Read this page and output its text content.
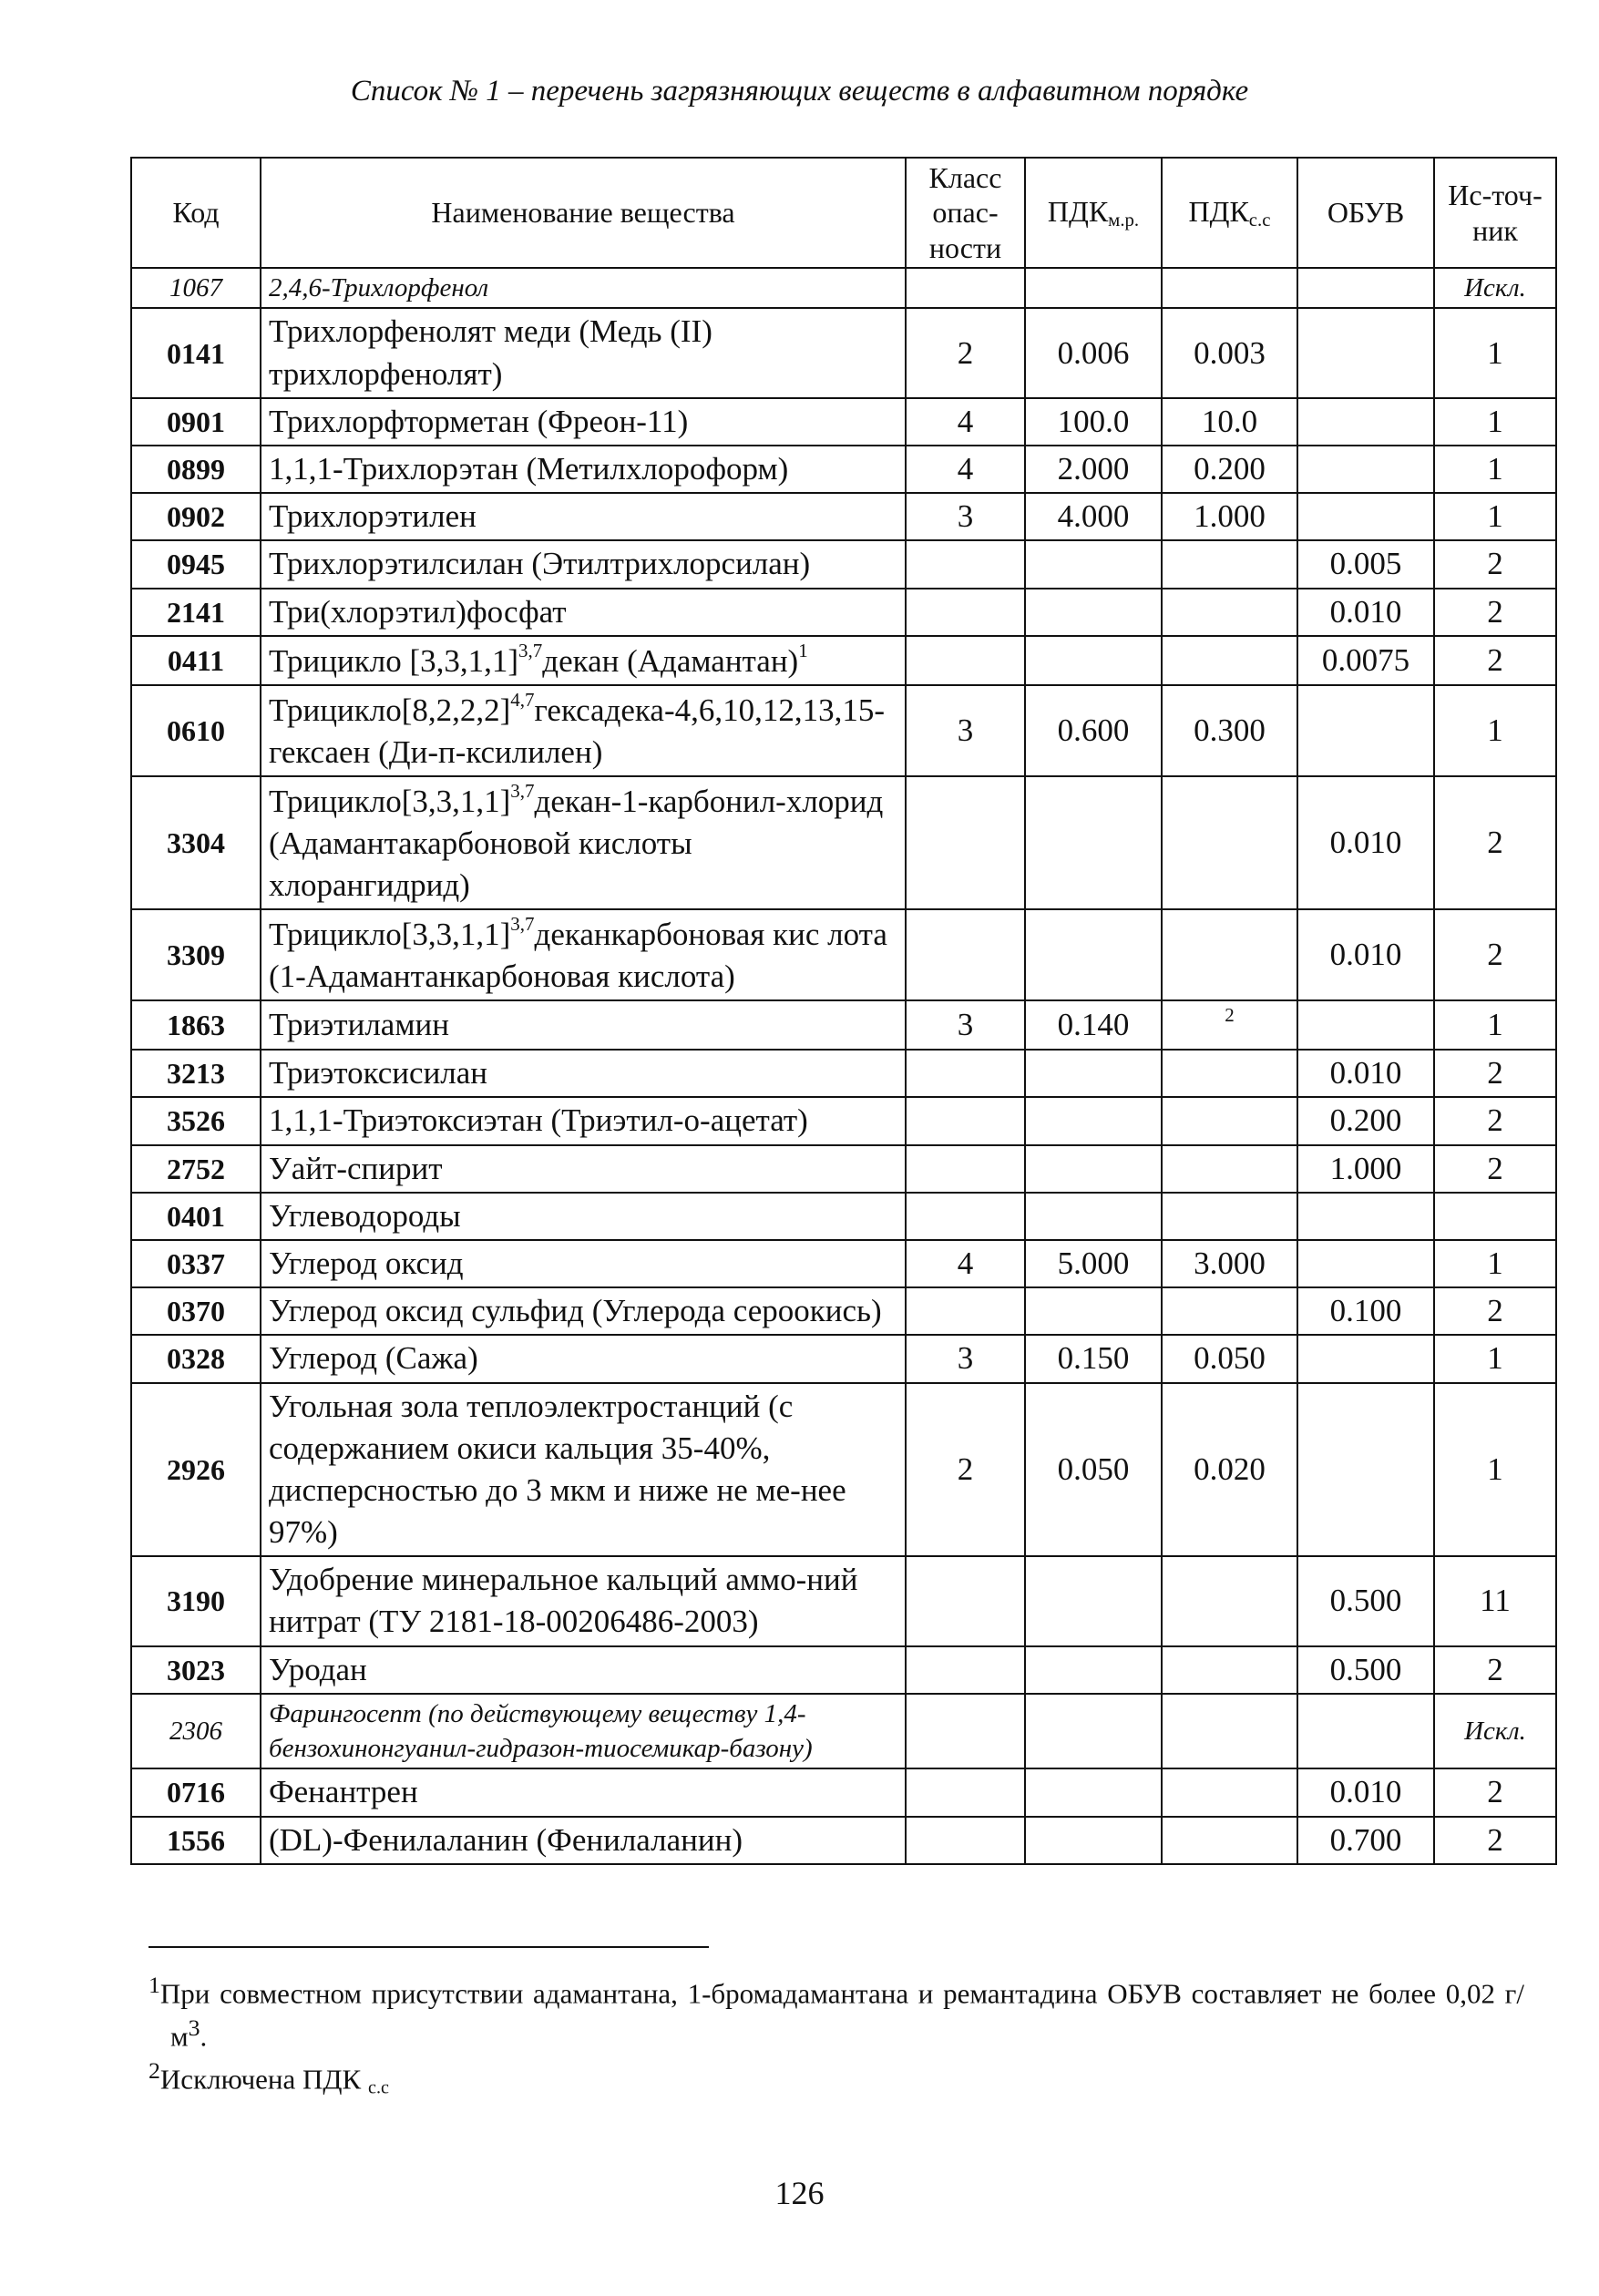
Список № 1 – перечень загрязняющих веществ в алфавитном порядке
Код	Наименование вещества	Класс опас-ности	$ПДК_{м.р.}$	$ПДК_{с.с}$	ОБУВ	Ис-точ-ник
1067	2,4,6-Трихлорфенол					Искл.
0141	Трихлорфенолят меди (Медь (II) трихлорфенолят)	2	0.006	0.003		1
0901	Трихлорфторметан (Фреон-11)	4	100.0	10.0		1
0899	1,1,1-Трихлорэтан (Метилхлороформ)	4	2.000	0.200		1
0902	Трихлорэтилен	3	4.000	1.000		1
0945	Трихлорэтилсилан (Этилтрихлорсилан)				0.005	2
2141	Три(хлорэтил)фосфат				0.010	2
0411	Трицикло $[3,3,1,1]^{3,7}декан$ (Адамантан)$^1$				0.0075	2
0610	$Трицикло[8,2,2,2]^{4,7}гексадека-4,6,10,12,13,15$-гексаен (Ди-п-ксилилен)	3	0.600	0.300		1
3304	$Трицикло[3,3,1,1]^{3,7}декан-1-карбонил$-хлорид (Адамантакарбоновой кислоты хлорангидрид)				0.010	2
3309	$Трицикло[3,3,1,1]^{3,7}деканкарбоновая$ кис лота (1-Адамантанкарбоновая кислота)				0.010	2
1863	Триэтиламин	3	0.140	$^2$		1
3213	Триэтоксисилан				0.010	2
3526	1,1,1-Триэтоксиэтан (Триэтил-о-ацетат)				0.200	2
2752	Уайт-спирит				1.000	2
0401	Углеводороды					
0337	Углерод оксид	4	5.000	3.000		1
0370	Углерод оксид сульфид (Углерода сероокись)				0.100	2
0328	Углерод (Сажа)	3	0.150	0.050		1
2926	Угольная зола теплоэлектростанций (с содержанием окиси кальция 35-40%, дисперсностью до 3 мкм и ниже не ме-нее 97%)	2	0.050	0.020		1
3190	Удобрение минеральное кальций аммо-ний нитрат (ТУ 2181-18-00206486-2003)				0.500	11
3023	Уродан				0.500	2
2306	Фарингосепт (по действующему веществу 1,4-бензохинонгуанил-гидразон-тиосемикар-базону)					Искл.
0716	Фенантрен				0.010	2
1556	(DL)-Фенилаланин (Фенилаланин)				0.700	2

$^1$При совместном присутствии адамантана, 1-бромадамантана и ремантадина ОБУВ составляет не более 0,02 $г/м^3$.

$^2$Исключена ПДК $_{с.с}$

126
